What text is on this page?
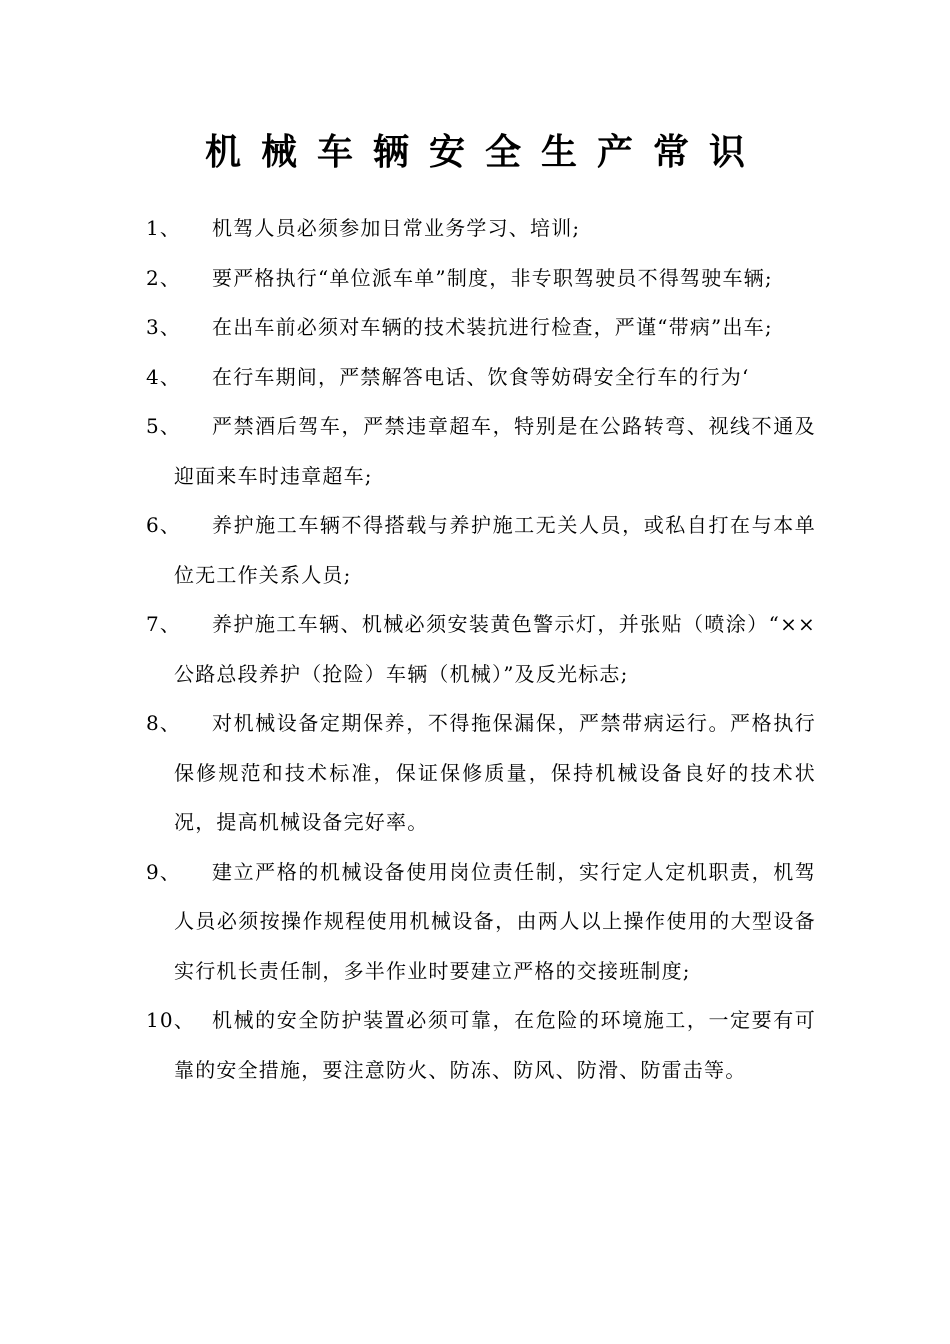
机械车辆安全生产常识
1、	机驾人员必须参加日常业务学习、培训;
2、	要严格执行“单位派车单”制度，非专职驾驶员不得驾驶车辆;
3、	在出车前必须对车辆的技术装抗进行检查，严谨“带病”出车;
4、	在行车期间，严禁解答电话、饮食等妨碍安全行车的行为‘
5、	严禁酒后驾车，严禁违章超车，特别是在公路转弯、视线不通及迎面来车时违章超车;
6、	养护施工车辆不得搭载与养护施工无关人员，或私自打在与本单位无工作关系人员;
7、	养护施工车辆、机械必须安装黄色警示灯，并张贴（喷涂）“××公路总段养护（抢险）车辆（机械）”及反光标志;
8、	对机械设备定期保养，不得拖保漏保，严禁带病运行。严格执行保修规范和技术标准，保证保修质量，保持机械设备良好的技术状况，提高机械设备完好率。
9、	建立严格的机械设备使用岗位责任制，实行定人定机职责，机驾人员必须按操作规程使用机械设备，由两人以上操作使用的大型设备实行机长责任制，多半作业时要建立严格的交接班制度;
10、 机械的安全防护装置必须可靠，在危险的环境施工，一定要有可靠的安全措施，要注意防火、防冻、防风、防滑、防雷击等。
